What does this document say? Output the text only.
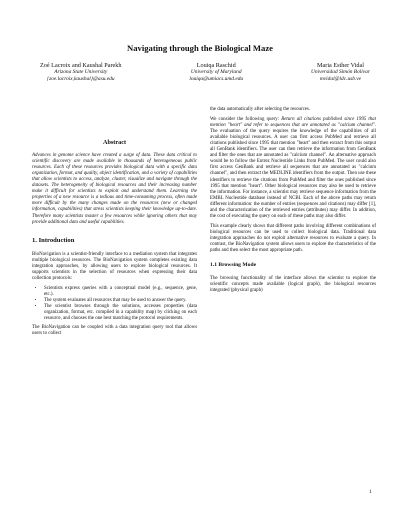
Navigating through the Biological Maze
Zoé Lacroix and Kaushal Parekh
Arizona State University
{zoe.lacroix,kaushal}@asu.edu
Louiqa Raschid
University of Maryland
louiqa@umiacs.umd.edu
Maria Esther Vidal
Universidad Simón Bolívar
mvidal@ldc.usb.ve
Abstract

Advances in genome science have created a surge of data. These data critical to scientific discovery are made available in thousands of heterogeneous public resources. Each of these resources provides biological data with a specific data organization, format, and quality, object identification, and a variety of capabilities that allow scientists to access, analyze, cluster, visualize and navigate through the datasets. The heterogeneity of biological resources and their increasing number make it difficult for scientists to exploit and understand them. Learning the properties of a new resource is a tedious and time-consuming process, often made more difficult by the many changes made on the resources (new or changed information, capabilities) that stress scientists keeping their knowledge up-to-date. Therefore many scientists master a few resources while ignoring others that may provide additional data and useful capabilities.

1. Introduction

BioNavigation is a scientist-friendly interface to a mediation system that integrates multiple biological resources. The BioNavigation system completes existing data integration approaches, by allowing users to explore biological resources. It supports scientists in the selection of resources when expressing their data collection protocols:

• Scientists express queries with a conceptual model (e.g., sequence, gene, etc.).
• The system evaluates all resources that may be used to answer the query.
• The scientist browses through the solutions, accesses properties (data organization, format, etc. compiled in a capability map) by clicking on each resource, and chooses the one best matching the protocol requirements.

The BioNavigation can be coupled with a data integration query tool that allows users to collect

the data automatically after selecting the resources.

We consider the following query: Return all citations published since 1995 that mention "heart" and refer to sequences that are annotated as "calcium channel". The evaluation of the query requires the knowledge of the capabilities of all available biological resources. A user can first access PubMed and retrieve all citations published since 1995 that mention "heart" and then extract from this output all GenBank identifiers. The user can then retrieve the information from GenBank and filter the ones that are annotated as "calcium channel". An alternative approach would be to follow the Entrez Nucleotide Links from PubMed. The user could also first access GenBank and retrieve all sequences that are annotated as "calcium channel", and then extract the MEDLINE identifiers from the output. Then use these identifiers to retrieve the citations from PubMed and filter the ones published since 1995 that mention "heart". Other biological resources may also be used to retrieve the information. For instance, a scientist may retrieve sequence information from the EMBL Nucleotide database instead of NCBI. Each of the above paths may return different information: the number of entries (sequences and citations) may differ [1], and the characterization of the retrieved entries (attributes) may differ. In addition, the cost of executing the query on each of these paths may also differ.

This example clearly shows that different paths involving different combinations of biological resources can be used to collect biological data. Traditional data integration approaches do not exploit alternative resources to evaluate a query. In contrast, the BioNavigation system allows users to explore the characteristics of the paths and then select the most appropriate path.

1.1 Browsing Mode

The browsing functionality of the interface allows the scientist to explore the scientific concepts made available (logical graph), the biological resources integrated (physical graph)

1
